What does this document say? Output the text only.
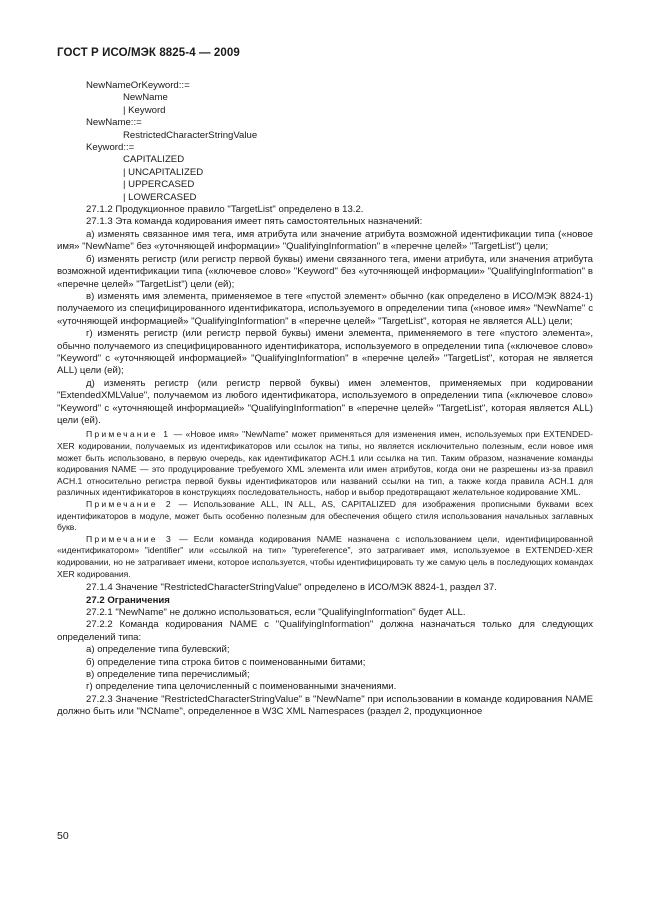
ГОСТ Р ИСО/МЭК 8825-4 — 2009
NewNameOrKeyword::=
NewName
| Keyword
NewName::=
RestrictedCharacterStringValue
Keyword::=
CAPITALIZED
| UNCAPITALIZED
| UPPERCASED
| LOWERCASED

27.1.2 Продукционное правило "TargetList" определено в 13.2.

27.1.3 Эта команда кодирования имеет пять самостоятельных назначений:

а) изменять связанное имя тега, имя атрибута или значение атрибута возможной идентификации типа («новое имя» "NewName" без «уточняющей информации» "QualifyingInformation" в «перечне целей» "TargetList") цели;

б) изменять регистр (или регистр первой буквы) имени связанного тега, имени атрибута, или значения атрибута возможной идентификации типа («ключевое слово» "Keyword" без «уточняющей информации» "QualifyingInformation" в «перечне целей» "TargetList") цели (ей);

в) изменять имя элемента, применяемое в теге «пустой элемент» обычно (как определено в ИСО/МЭК 8824-1) получаемого из специфицированного идентификатора, используемого в определении типа («новое имя» "NewName" с «уточняющей информацией» "QualifyingInformation" в «перечне целей» "TargetList", которая не является ALL) цели;

г) изменять регистр (или регистр первой буквы) имени элемента, применяемого в теге «пустого элемента», обычно получаемого из специфицированного идентификатора, используемого в определении типа («ключевое слово» "Keyword" с «уточняющей информацией» "QualifyingInformation" в «перечне целей» "TargetList", которая не является ALL) цели (ей);

д) изменять регистр (или регистр первой буквы) имен элементов, применяемых при кодировании "ExtendedXMLValue", получаемом из любого идентификатора, используемого в определении типа («ключевое слово» "Keyword" с «уточняющей информацией» "QualifyingInformation" в «перечне целей» "TargetList", которая является ALL) цели (ей).

Примечание 1 — «Новое имя» "NewName" может применяться для изменения имен, используемых при EXTENDED-XER кодировании, получаемых из идентификаторов или ссылок на типы, но является исключительно полезным, если новое имя может быть использовано, в первую очередь, как идентификатор ACH.1 или ссылка на тип. Таким образом, назначение команды кодирования NAME — это продуцирование требуемого XML элемента или имен атрибутов, когда они не разрешены из-за правил ACH.1 относительно регистра первой буквы идентификаторов или названий ссылки на тип, а также когда правила ACH.1 для различных идентификаторов в конструкциях последовательность, набор и выбор предотвращают желательное кодирование XML.

Примечание 2 — Использование ALL, IN ALL, AS, CAPITALIZED для изображения прописными буквами всех идентификаторов в модуле, может быть особенно полезным для обеспечения общего стиля использования начальных заглавных букв.

Примечание 3 — Если команда кодирования NAME назначена с использованием цели, идентифицированной «идентификатором» "identifier" или «ссылкой на тип» "typereference", это затрагивает имя, используемое в EXTENDED-XER кодировании, но не затрагивает имени, которое используется, чтобы идентифицировать ту же самую цель в последующих командах XER кодирования.

27.1.4 Значение "RestrictedCharacterStringValue" определено в ИСО/МЭК 8824-1, раздел 37.

27.2 Ограничения

27.2.1 "NewName" не должно использоваться, если "QualifyingInformation" будет ALL.

27.2.2 Команда кодирования NAME с "QualifyingInformation" должна назначаться только для следующих определений типа:

а) определение типа булевский;

б) определение типа строка битов с поименованными битами;

в) определение типа перечислимый;

г) определение типа целочисленный с поименованными значениями.

27.2.3 Значение "RestrictedCharacterStringValue" в "NewName" при использовании в команде кодирования NAME должно быть или "NCName", определенное в W3C XML Namespaces (раздел 2, продукционное

50
